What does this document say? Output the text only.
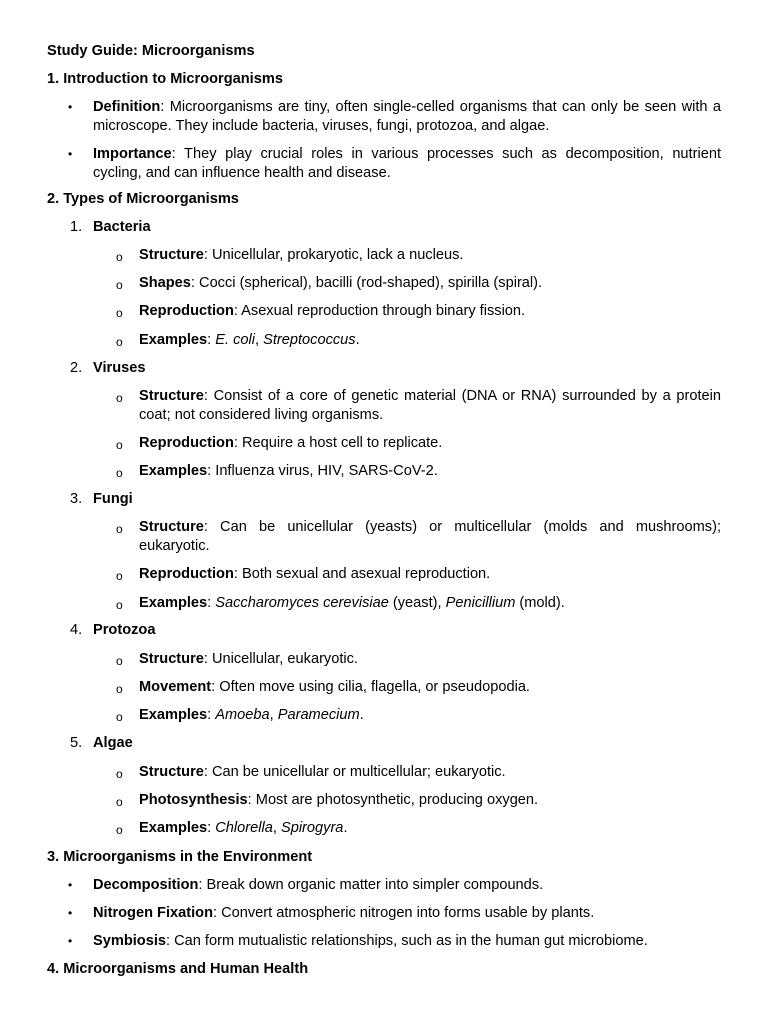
Study Guide: Microorganisms
1. Introduction to Microorganisms
• Definition: Microorganisms are tiny, often single-celled organisms that can only be seen with a microscope. They include bacteria, viruses, fungi, protozoa, and algae.
• Importance: They play crucial roles in various processes such as decomposition, nutrient cycling, and can influence health and disease.
2. Types of Microorganisms
1. Bacteria
o Structure: Unicellular, prokaryotic, lack a nucleus.
o Shapes: Cocci (spherical), bacilli (rod-shaped), spirilla (spiral).
o Reproduction: Asexual reproduction through binary fission.
o Examples: E. coli, Streptococcus.
2. Viruses
o Structure: Consist of a core of genetic material (DNA or RNA) surrounded by a protein coat; not considered living organisms.
o Reproduction: Require a host cell to replicate.
o Examples: Influenza virus, HIV, SARS-CoV-2.
3. Fungi
o Structure: Can be unicellular (yeasts) or multicellular (molds and mushrooms); eukaryotic.
o Reproduction: Both sexual and asexual reproduction.
o Examples: Saccharomyces cerevisiae (yeast), Penicillium (mold).
4. Protozoa
o Structure: Unicellular, eukaryotic.
o Movement: Often move using cilia, flagella, or pseudopodia.
o Examples: Amoeba, Paramecium.
5. Algae
o Structure: Can be unicellular or multicellular; eukaryotic.
o Photosynthesis: Most are photosynthetic, producing oxygen.
o Examples: Chlorella, Spirogyra.
3. Microorganisms in the Environment
• Decomposition: Break down organic matter into simpler compounds.
• Nitrogen Fixation: Convert atmospheric nitrogen into forms usable by plants.
• Symbiosis: Can form mutualistic relationships, such as in the human gut microbiome.
4. Microorganisms and Human Health
